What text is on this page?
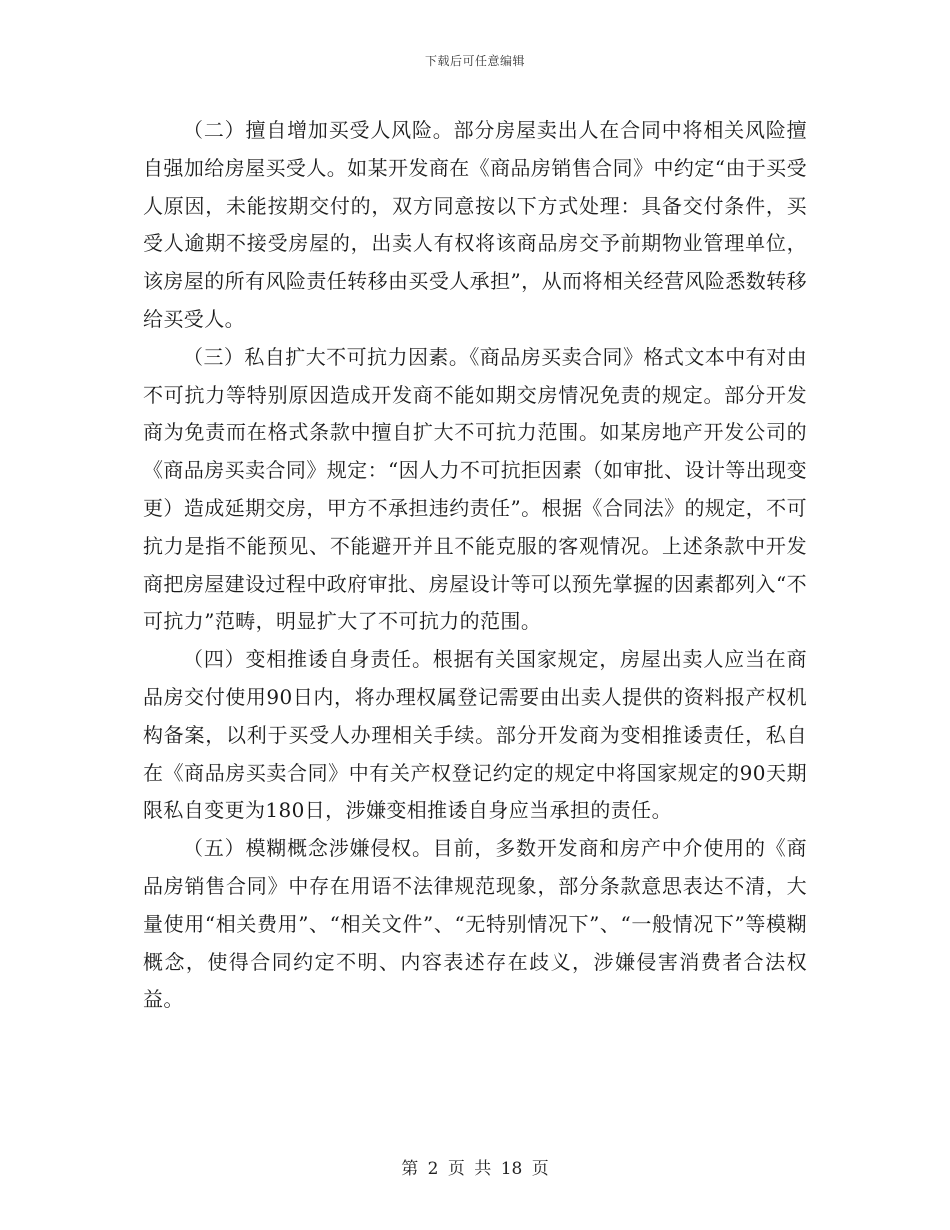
下载后可任意编辑

（二）擅自增加买受人风险。部分房屋卖出人在合同中将相关风险擅自强加给房屋买受人。如某开发商在《商品房销售合同》中约定“由于买受人原因，未能按期交付的，双方同意按以下方式处理：具备交付条件，买受人逾期不接受房屋的，出卖人有权将该商品房交予前期物业管理单位，该房屋的所有风险责任转移由买受人承担”，从而将相关经营风险悉数转移给买受人。

（三）私自扩大不可抗力因素。《商品房买卖合同》格式文本中有对由不可抗力等特别原因造成开发商不能如期交房情况免责的规定。部分开发商为免责而在格式条款中擅自扩大不可抗力范围。如某房地产开发公司的《商品房买卖合同》规定：“因人力不可抗拒因素（如审批、设计等出现变更）造成延期交房，甲方不承担违约责任”。根据《合同法》的规定，不可抗力是指不能预见、不能避开并且不能克服的客观情况。上述条款中开发商把房屋建设过程中政府审批、房屋设计等可以预先掌握的因素都列入“不可抗力”范畴，明显扩大了不可抗力的范围。

（四）变相推诿自身责任。根据有关国家规定，房屋出卖人应当在商品房交付使用90日内，将办理权属登记需要由出卖人提供的资料报产权机构备案，以利于买受人办理相关手续。部分开发商为变相推诿责任，私自在《商品房买卖合同》中有关产权登记约定的规定中将国家规定的90天期限私自变更为180日，涉嫌变相推诿自身应当承担的责任。

（五）模糊概念涉嫌侵权。目前，多数开发商和房产中介使用的《商品房销售合同》中存在用语不法律规范现象，部分条款意思表达不清，大量使用“相关费用”、“相关文件”、“无特别情况下”、“一般情况下”等模糊概念，使得合同约定不明、内容表述存在歧义，涉嫌侵害消费者合法权益。

第 2 页 共 18 页
